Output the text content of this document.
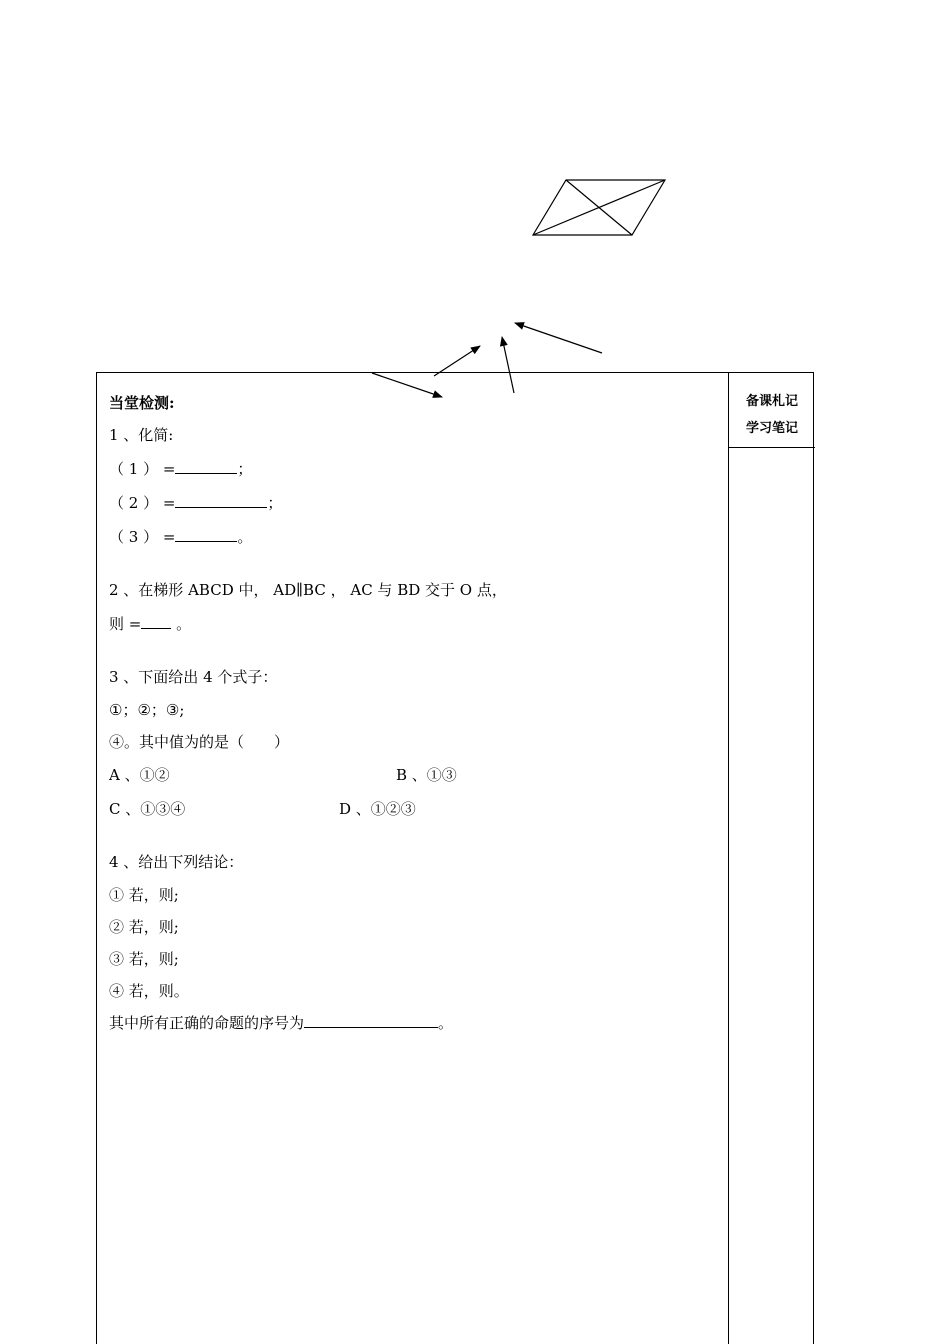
备课札记
学习笔记
当堂检测:
1 、化简:
（ 1 ） =	；
（ 2 ） =	；
（ 3 ） =	。
2 、在梯形 ABCD 中， AD∥BC ， AC 与 BD 交于 O 点，
则 = 。
3 、下面给出 4 个式子：
①；②；③;
④。其中值为的是（　　）
A 、①②	B 、①③
C 、①③④	D 、①②③
4 、给出下列结论：
① 若，则;
② 若，则;
③ 若，则;
④ 若，则。
其中所有正确的命题的序号为	。
